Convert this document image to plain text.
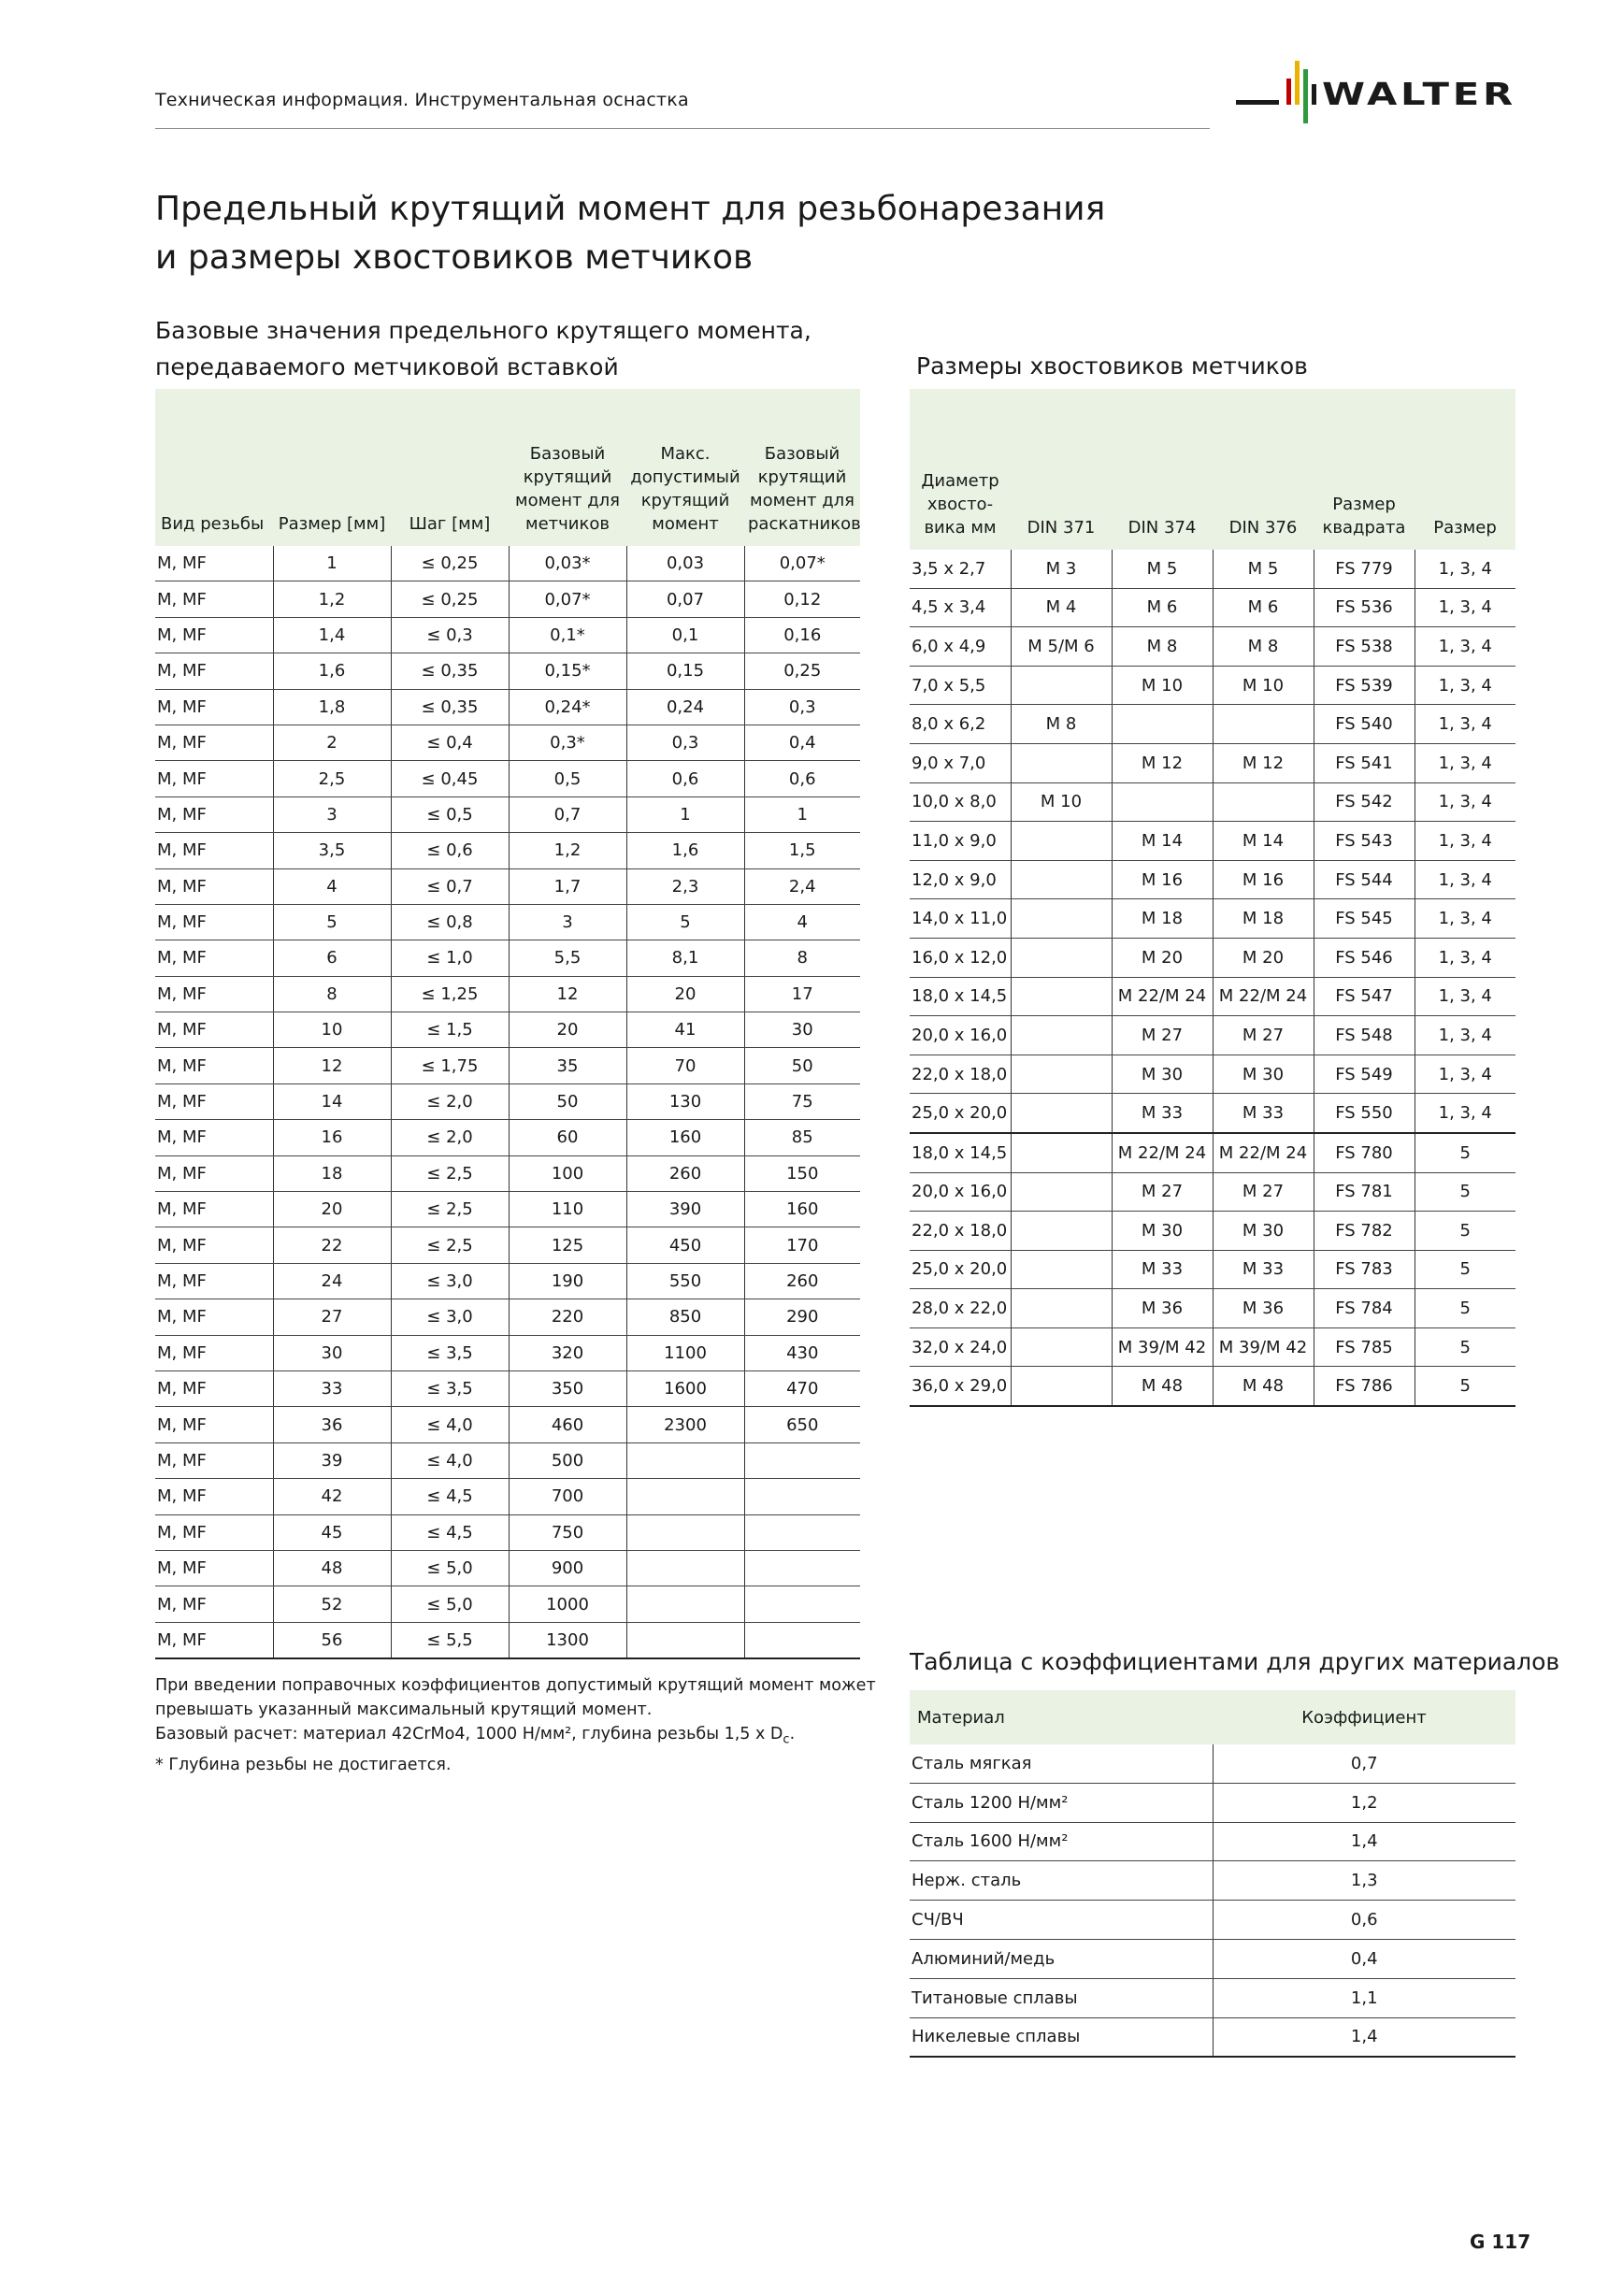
Техническая информация. Инструментальная оснастка	WALTER
Предельный крутящий момент для резьбонарезания
и размеры хвостовиков метчиков
Базовые значения предельного крутящего момента,
передаваемого метчиковой вставкой
Вид резьбы	Размер [мм]	Шаг [мм]	Базовый крутящий момент для метчиков	Макс. допустимый крутящий момент	Базовый крутящий момент для раскатников
M, MF	1	≤ 0,25	0,03*	0,03	0,07*
M, MF	1,2	≤ 0,25	0,07*	0,07	0,12
M, MF	1,4	≤ 0,3	0,1*	0,1	0,16
M, MF	1,6	≤ 0,35	0,15*	0,15	0,25
M, MF	1,8	≤ 0,35	0,24*	0,24	0,3
M, MF	2	≤ 0,4	0,3*	0,3	0,4
M, MF	2,5	≤ 0,45	0,5	0,6	0,6
M, MF	3	≤ 0,5	0,7	1	1
M, MF	3,5	≤ 0,6	1,2	1,6	1,5
M, MF	4	≤ 0,7	1,7	2,3	2,4
M, MF	5	≤ 0,8	3	5	4
M, MF	6	≤ 1,0	5,5	8,1	8
M, MF	8	≤ 1,25	12	20	17
M, MF	10	≤ 1,5	20	41	30
M, MF	12	≤ 1,75	35	70	50
M, MF	14	≤ 2,0	50	130	75
M, MF	16	≤ 2,0	60	160	85
M, MF	18	≤ 2,5	100	260	150
M, MF	20	≤ 2,5	110	390	160
M, MF	22	≤ 2,5	125	450	170
M, MF	24	≤ 3,0	190	550	260
M, MF	27	≤ 3,0	220	850	290
M, MF	30	≤ 3,5	320	1100	430
M, MF	33	≤ 3,5	350	1600	470
M, MF	36	≤ 4,0	460	2300	650
M, MF	39	≤ 4,0	500		
M, MF	42	≤ 4,5	700		
M, MF	45	≤ 4,5	750		
M, MF	48	≤ 5,0	900		
M, MF	52	≤ 5,0	1000		
M, MF	56	≤ 5,5	1300		
При введении поправочных коэффициентов допустимый крутящий момент может
превышать указанный максимальный крутящий момент.
Базовый расчет: материал 42CrMo4, 1000 Н/мм², глубина резьбы 1,5 x $D_c$.
* Глубина резьбы не достигается.
Размеры хвостовиков метчиков
Диаметр хвосто- вика мм	DIN 371	DIN 374	DIN 376	Размер квадрата	Размер
3,5 x 2,7	M 3	M 5	M 5	FS 779	1, 3, 4
4,5 x 3,4	M 4	M 6	M 6	FS 536	1, 3, 4
6,0 x 4,9	M 5/M 6	M 8	M 8	FS 538	1, 3, 4
7,0 x 5,5		M 10	M 10	FS 539	1, 3, 4
8,0 x 6,2	M 8			FS 540	1, 3, 4
9,0 x 7,0		M 12	M 12	FS 541	1, 3, 4
10,0 x 8,0	M 10			FS 542	1, 3, 4
11,0 x 9,0		M 14	M 14	FS 543	1, 3, 4
12,0 x 9,0		M 16	M 16	FS 544	1, 3, 4
14,0 x 11,0		M 18	M 18	FS 545	1, 3, 4
16,0 x 12,0		M 20	M 20	FS 546	1, 3, 4
18,0 x 14,5		M 22/M 24	M 22/M 24	FS 547	1, 3, 4
20,0 x 16,0		M 27	M 27	FS 548	1, 3, 4
22,0 x 18,0		M 30	M 30	FS 549	1, 3, 4
25,0 x 20,0		M 33	M 33	FS 550	1, 3, 4
18,0 x 14,5		M 22/M 24	M 22/M 24	FS 780	5
20,0 x 16,0		M 27	M 27	FS 781	5
22,0 x 18,0		M 30	M 30	FS 782	5
25,0 x 20,0		M 33	M 33	FS 783	5
28,0 x 22,0		M 36	M 36	FS 784	5
32,0 x 24,0		M 39/M 42	M 39/M 42	FS 785	5
36,0 x 29,0		M 48	M 48	FS 786	5
Таблица с коэффициентами для других материалов
Материал	Коэффициент
Сталь мягкая	0,7
Сталь 1200 Н/мм²	1,2
Сталь 1600 Н/мм²	1,4
Нерж. сталь	1,3
СЧ/ВЧ	0,6
Алюминий/медь	0,4
Титановые сплавы	1,1
Никелевые сплавы	1,4
G 117
